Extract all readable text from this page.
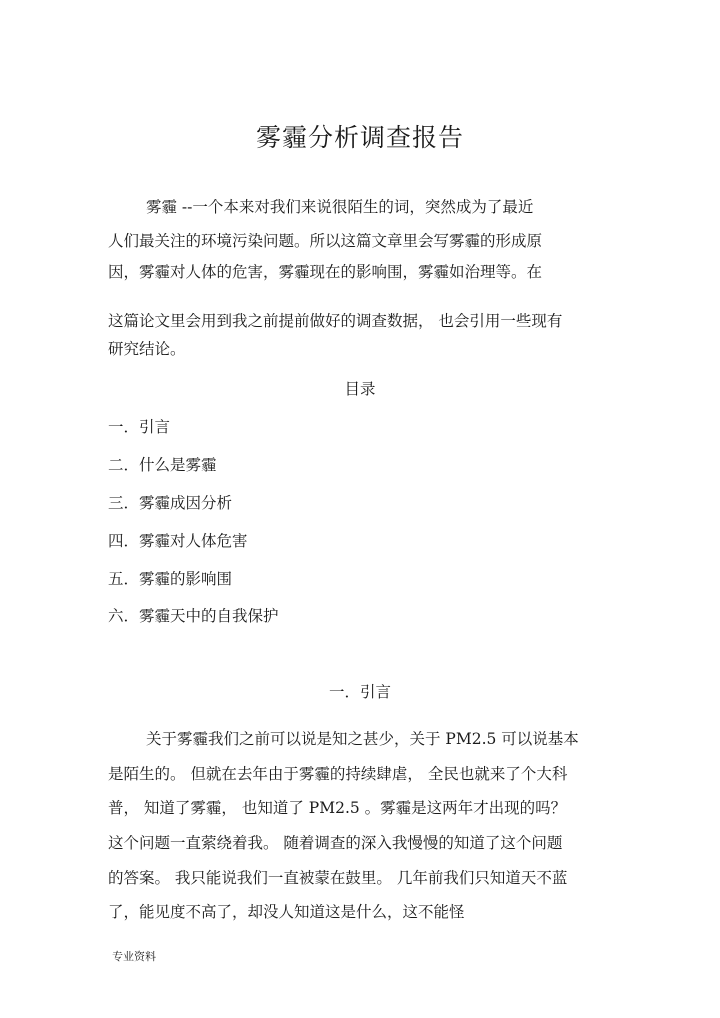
雾霾分析调查报告
雾霾 --一个本来对我们来说很陌生的词，突然成为了最近
人们最关注的环境污染问题。所以这篇文章里会写雾霾的形成原
因，雾霾对人体的危害，雾霾现在的影响围，雾霾如治理等。在
这篇论文里会用到我之前提前做好的调查数据， 也会引用一些现有
研究结论。
目录
一．引言
二．什么是雾霾
三．雾霾成因分析
四．雾霾对人体危害
五．雾霾的影响围
六．雾霾天中的自我保护
一．引言
关于雾霾我们之前可以说是知之甚少，关于 PM2.5 可以说基本
是陌生的。 但就在去年由于雾霾的持续肆虐， 全民也就来了个大科
普， 知道了雾霾， 也知道了 PM2.5 。雾霾是这两年才出现的吗？
这个问题一直萦绕着我。 随着调查的深入我慢慢的知道了这个问题
的答案。 我只能说我们一直被蒙在鼓里。 几年前我们只知道天不蓝
了，能见度不高了，却没人知道这是什么，这不能怪
专业资料
